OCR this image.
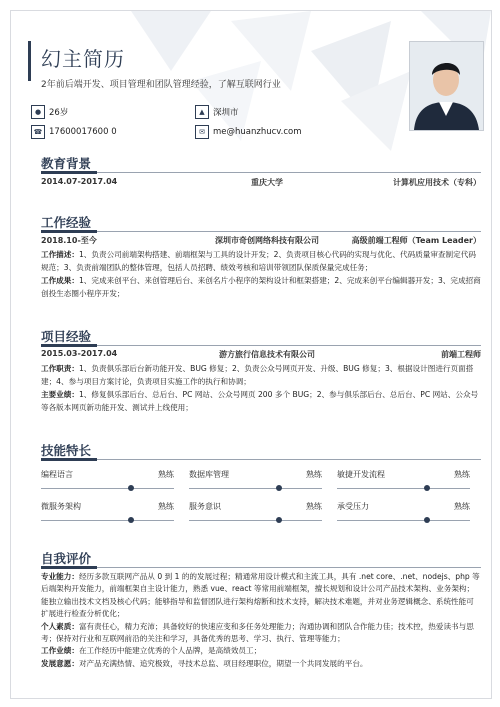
幻主简历
2年前后端开发、项目管理和团队管理经验，了解互联网行业
● 26岁	▲ 深圳市
☎ 17600017600 0	✉ me@huanzhucv.com
教育背景
2014.07-2017.04	重庆大学	计算机应用技术（专科）
工作经验
2018.10-至今	深圳市奇创网络科技有限公司	高级前端工程师（Team Leader）
工作描述：1、负责公司前端架构搭建、前端框架与工具的设计开发；2、负责项目核心代码的实现与优化、代码质量审查制定代码规范；3、负责前端团队的整体管理，包括人员招聘、绩效考核和培训带领团队保质保量完成任务；
工作成果：1、完成来创平台、来创管理后台、来创名片小程序的架构设计和框架搭建；2、完成来创平台编辑器开发；3、完成招商创投生态圈小程序开发；
项目经验
2015.03-2017.04	游方旅行信息技术有限公司	前端工程师
工作职责：1、负责俱乐部后台新功能开发、BUG 修复；2、负责公众号网页开发、升级、BUG 修复；3、根据设计图进行页面搭建；4、参与项目方案讨论，负责项目实施工作的执行和协调；
主要业绩：1、修复俱乐部后台、总后台、PC 网站、公众号网页 200 多个 BUG；2、参与俱乐部后台、总后台、PC 网站、公众号等各版本网页新功能开发、测试并上线使用；
技能特长
编程语言	熟练 数据库管理	熟练 敏捷开发流程	熟练
微服务架构	熟练 服务意识	熟练 承受压力	熟练
自我评价
专业能力：经历多款互联网产品从 0 到 1 的的发展过程；精通常用设计模式和主流工具，具有 .net core、.net、nodejs、php 等后端架构开发能力，前端框架自主设计能力，熟悉 vue、react 等常用前端框架，擅长规划和设计公司产品技术架构、业务架构；能独立输出技术文档及核心代码；能够指导和监督团队进行架构熔断和技术支持，解决技术难题，并对业务逻辑概念、系统性能可扩展进行检查分析优化；
个人素质：富有责任心，精力充沛；具备较好的快速应变和多任务处理能力；沟通协调和团队合作能力佳；技术控，热爱读书与思考；保持对行业和互联网前沿的关注和学习，具备优秀的思考、学习、执行、管理等能力；
工作业绩：在工作经历中能建立优秀的个人品牌，是高绩效员工；
发展意愿：对产品充满热情、追究极致，寻技术总监、项目经理职位，期望一个共同发展的平台。
